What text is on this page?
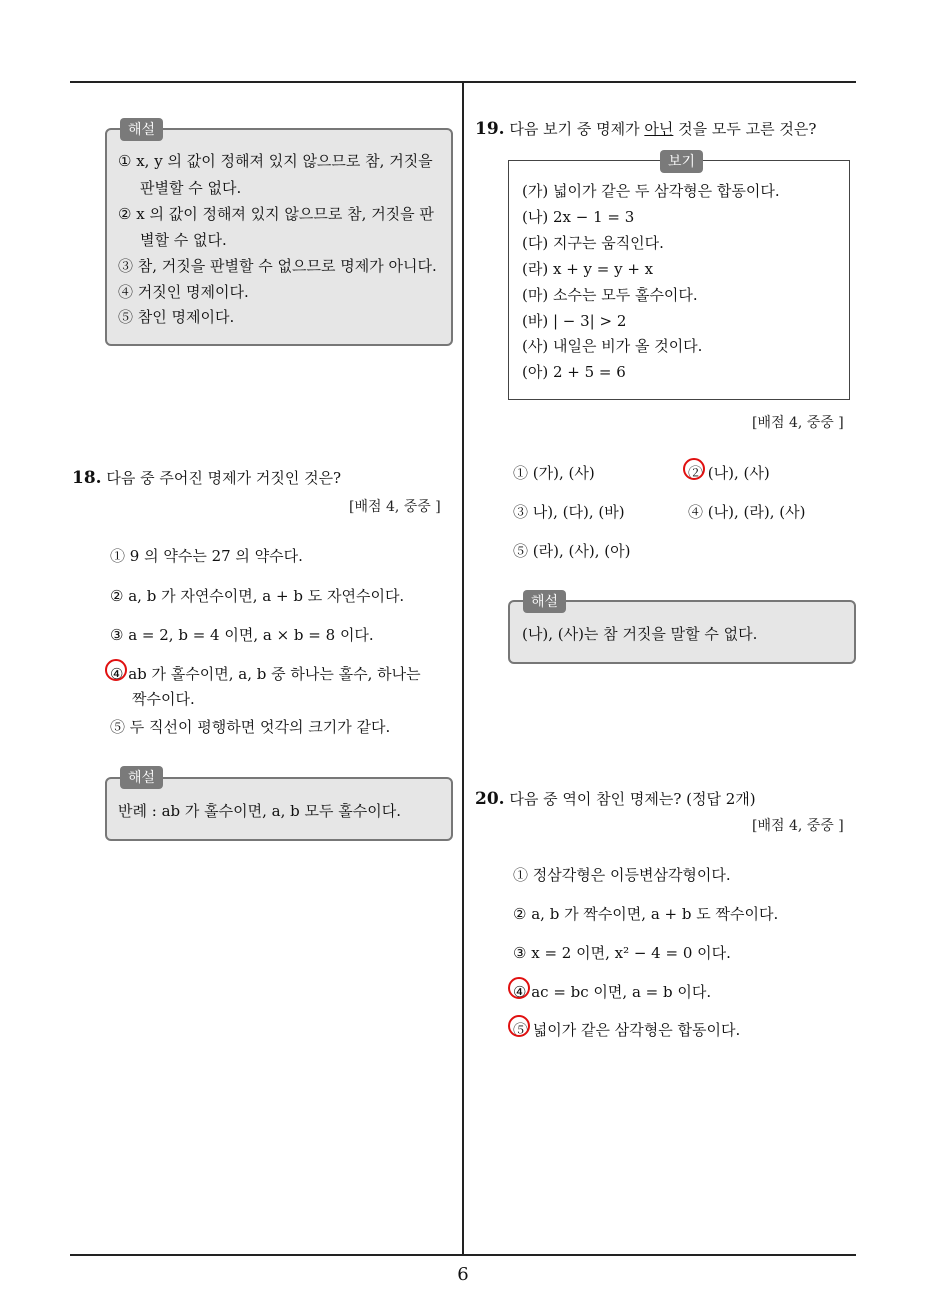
6
해설
① x, y 의 값이 정해져 있지 않으므로 참, 거짓을
판별할 수 없다.
② x 의 값이 정해져 있지 않으므로 참, 거짓을 판
별할 수 없다.
③ 참, 거짓을 판별할 수 없으므로 명제가 아니다.
④ 거짓인 명제이다.
⑤ 참인 명제이다.
18. 다음 중 주어진 명제가 거짓인 것은?
[배점 4, 중중 ]
① 9 의 약수는 27 의 약수다.
② a, b 가 자연수이면, a + b 도 자연수이다.
③ a = 2, b = 4 이면, a × b = 8 이다.
④ ab 가 홀수이면, a, b 중 하나는 홀수, 하나는
짝수이다.
⑤ 두 직선이 평행하면 엇각의 크기가 같다.
해설
반례 : ab 가 홀수이면, a, b 모두 홀수이다.
19. 다음 보기 중 명제가 아닌 것을 모두 고른 것은?
보기
(가) 넓이가 같은 두 삼각형은 합동이다.
(나) 2x − 1 = 3
(다) 지구는 움직인다.
(라) x + y = y + x
(마) 소수는 모두 홀수이다.
(바) | − 3| > 2
(사) 내일은 비가 올 것이다.
(아) 2 + 5 = 6
[배점 4, 중중 ]
① (가), (사)	② (나), (사)
③ 나), (다), (바)	④ (나), (라), (사)
⑤ (라), (사), (아)
해설
(나), (사)는 참 거짓을 말할 수 없다.
20. 다음 중 역이 참인 명제는? (정답 2개)
[배점 4, 중중 ]
① 정삼각형은 이등변삼각형이다.
② a, b 가 짝수이면, a + b 도 짝수이다.
③ x = 2 이면, x² − 4 = 0 이다.
④ ac = bc 이면, a = b 이다.
⑤ 넓이가 같은 삼각형은 합동이다.
